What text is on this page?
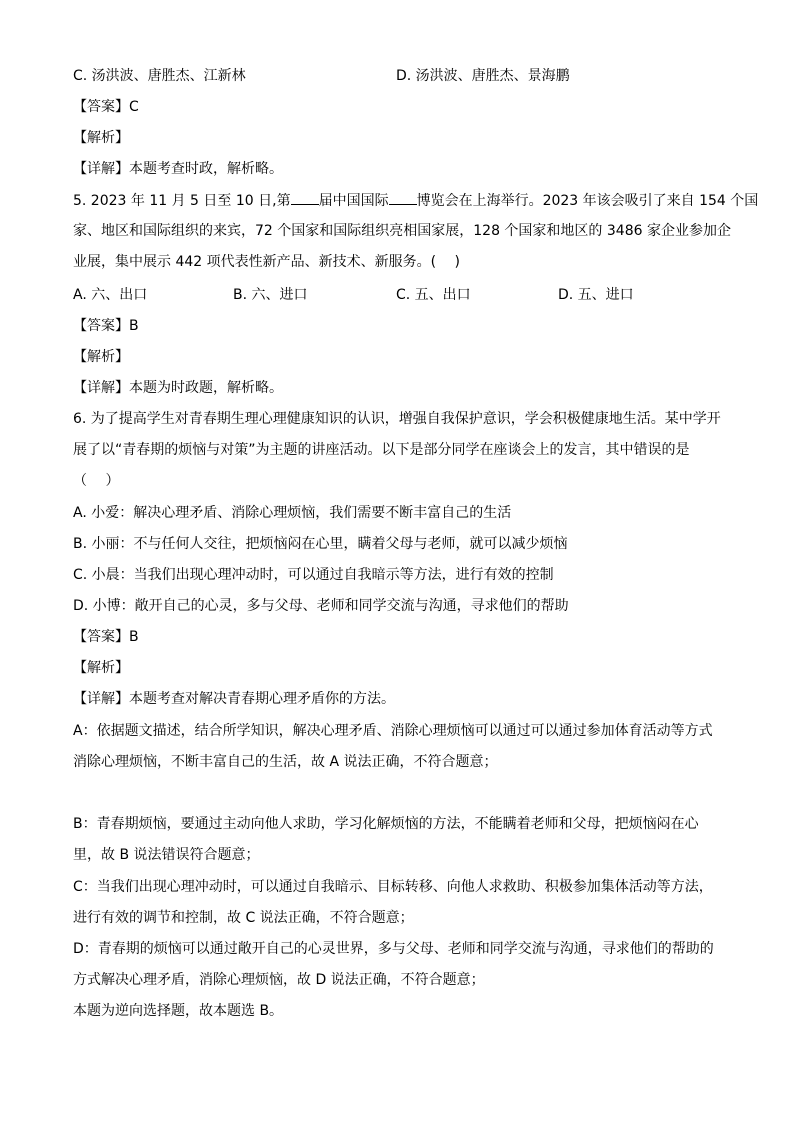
C. 汤洪波、唐胜杰、江新林	D. 汤洪波、唐胜杰、景海鹏
【答案】C
【解析】
【详解】本题考查时政，解析略。
5. 2023 年 11 月 5 日至 10 日,第 届中国国际 博览会在上海举行。2023 年该会吸引了来自 154 个国
家、地区和国际组织的来宾，72 个国家和国际组织亮相国家展，128 个国家和地区的 3486 家企业参加企
业展，集中展示 442 项代表性新产品、新技术、新服务。(　 )
A. 六、出口	B. 六、进口	C. 五、出口	D. 五、进口
【答案】B
【解析】
【详解】本题为时政题，解析略。
6. 为了提高学生对青春期生理心理健康知识的认识，增强自我保护意识，学会积极健康地生活。某中学开
展了以“青春期的烦恼与对策”为主题的讲座活动。以下是部分同学在座谈会上的发言，其中错误的是
（　 ）
A. 小爱：解决心理矛盾、消除心理烦恼，我们需要不断丰富自己的生活
B. 小丽：不与任何人交往，把烦恼闷在心里，瞒着父母与老师，就可以减少烦恼
C. 小晨：当我们出现心理冲动时，可以通过自我暗示等方法，进行有效的控制
D. 小博：敞开自己的心灵，多与父母、老师和同学交流与沟通，寻求他们的帮助
【答案】B
【解析】
【详解】本题考查对解决青春期心理矛盾你的方法。
A：依据题文描述，结合所学知识，解决心理矛盾、消除心理烦恼可以通过可以通过参加体育活动等方式
消除心理烦恼，不断丰富自己的生活，故 A 说法正确，不符合题意；
B：青春期烦恼，要通过主动向他人求助，学习化解烦恼的方法，不能瞒着老师和父母，把烦恼闷在心
里，故 B 说法错误符合题意；
C：当我们出现心理冲动时，可以通过自我暗示、目标转移、向他人求救助、积极参加集体活动等方法，
进行有效的调节和控制，故 C 说法正确，不符合题意；
D：青春期的烦恼可以通过敞开自己的心灵世界，多与父母、老师和同学交流与沟通，寻求他们的帮助的
方式解决心理矛盾，消除心理烦恼，故 D 说法正确，不符合题意；
本题为逆向选择题，故本题选 B。
